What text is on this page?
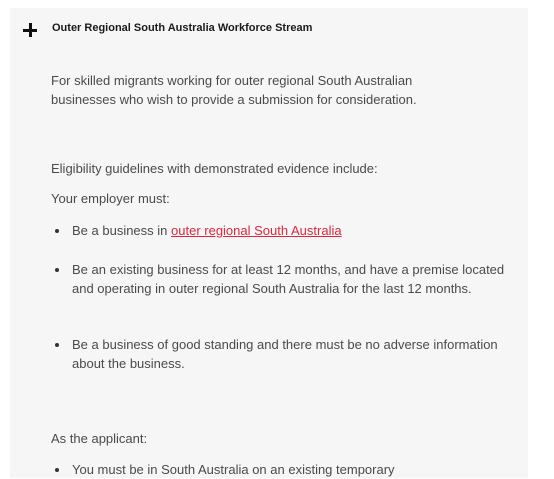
Outer Regional South Australia Workforce Stream

For skilled migrants working for outer regional South Australian businesses who wish to provide a submission for consideration.

Eligibility guidelines with demonstrated evidence include:

Your employer must:

Be a business in outer regional South Australia
Be an existing business for at least 12 months, and have a premise located and operating in outer regional South Australia for the last 12 months.
Be a business of good standing and there must be no adverse information about the business.

As the applicant:

You must be in South Australia on an existing temporary
